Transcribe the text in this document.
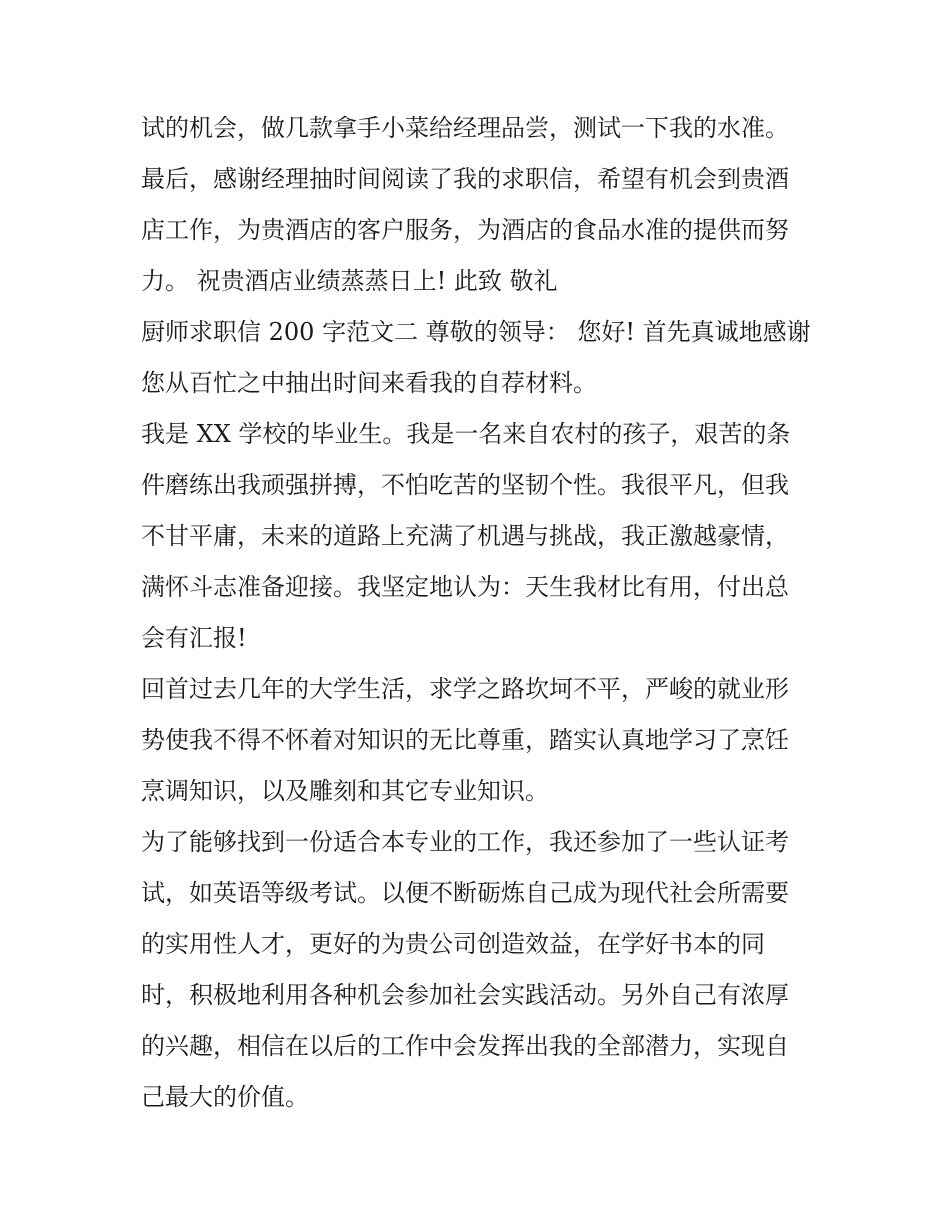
试的机会，做几款拿手小菜给经理品尝，测试一下我的水准。
最后，感谢经理抽时间阅读了我的求职信，希望有机会到贵酒
店工作，为贵酒店的客户服务，为酒店的食品水准的提供而努
力。 祝贵酒店业绩蒸蒸日上! 此致 敬礼
厨师求职信 200 字范文二 尊敬的领导： 您好! 首先真诚地感谢
您从百忙之中抽出时间来看我的自荐材料。
我是 XX 学校的毕业生。我是一名来自农村的孩子，艰苦的条
件磨练出我顽强拼搏，不怕吃苦的坚韧个性。我很平凡，但我
不甘平庸，未来的道路上充满了机遇与挑战，我正激越豪情，
满怀斗志准备迎接。我坚定地认为：天生我材比有用，付出总
会有汇报!
回首过去几年的大学生活，求学之路坎坷不平，严峻的就业形
势使我不得不怀着对知识的无比尊重，踏实认真地学习了烹饪
烹调知识，以及雕刻和其它专业知识。
为了能够找到一份适合本专业的工作，我还参加了一些认证考
试，如英语等级考试。以便不断砺炼自己成为现代社会所需要
的实用性人才，更好的为贵公司创造效益，在学好书本的同
时，积极地利用各种机会参加社会实践活动。另外自己有浓厚
的兴趣，相信在以后的工作中会发挥出我的全部潜力，实现自
己最大的价值。
